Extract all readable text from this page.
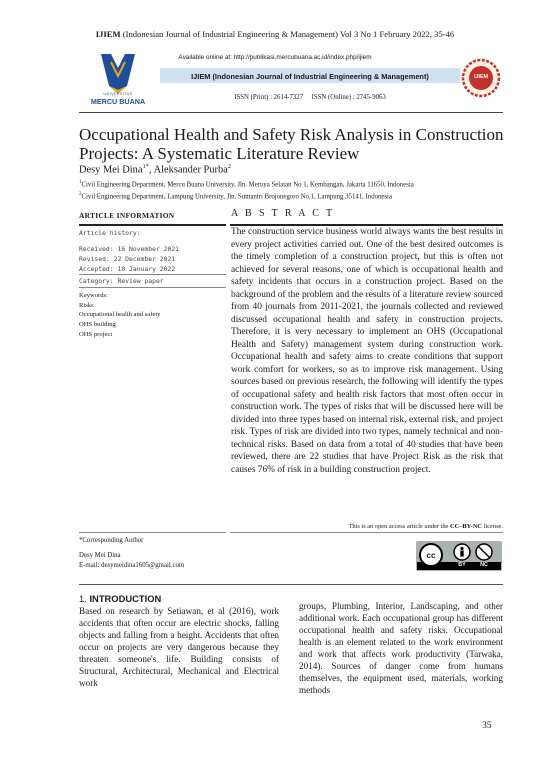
IJIEM (Indonesian Journal of Industrial Engineering & Management) Vol 3 No 1 February 2022, 35-46
UNIVERSITAS
MERCU BUANA
Available online at: http://publikasi.mercubuana.ac.id/index.php/ijiem
IJIEM (Indonesian Journal of Industrial Engineering & Management)
ISSN (Print) : 2614-7327     ISSN (Online) : 2745-9063
IJIEM
Occupational Health and Safety Risk Analysis in Construction Projects: A Systematic Literature Review
Desy Mei Dina$^{1*}$, Aleksander Purba$^2$
$^1$Civil Engineering Department, Mercu Buana University, Jln. Meruya Selatan No 1, Kembangan, Jakarta 11650, Indonesia
$^2$Civil Engineering Department, Lampung University, Jln. Sumantri Brojonegoro No.1, Lampung 35141, Indonesia
ARTICLE INFORMATION	A B S T R A C T
Article history:
Received: 16 November 2021
Revised: 22 December 2021
Accepted: 10 January 2022
Category: Review paper
Keywords:
Risks
Occupational health and safety
OHS building
OHS project
The construction service business world always wants the best results in every project activities carried out. One of the best desired outcomes is the timely completion of a construction project, but this is often not achieved for several reasons, one of which is occupational health and safety incidents that occurs in a construction project. Based on the background of the problem and the results of a literature review sourced from 40 journals from 2011-2021, the journals collected and reviewed discussed occupational health and safety in construction projects. Therefore, it is very necessary to implement an OHS (Occupational Health and Safety) management system during construction work. Occupational health and safety aims to create conditions that support work comfort for workers, so as to improve risk management. Using sources based on previous research, the following will identify the types of occupational safety and health risk factors that most often occur in construction work. The types of risks that will be discussed here will be divided into three types based on internal risk, external risk, and project risk. Types of risk are divided into two types, namely technical and non-technical risks. Based on data from a total of 40 studies that have been reviewed, there are 22 studies that have Project Risk as the risk that causes 76% of risk in a building construction project.
*Corresponding Author
Desy Mei Dina
E-mail: desymeidina1605@gmail.com
This is an open access article under the CC–BY-NC license.
cc
BY	NC
1. INTRODUCTION
Based on research by Setiawan, et al (2016), work accidents that often occur are electric shocks, falling objects and falling from a height. Accidents that often occur on projects are very dangerous because they threaten someone's life. Building consists of Structural, Architectural, Mechanical and Electrical work
groups, Plumbing, Interior, Landscaping, and other additional work. Each occupational group has different occupational health and safety risks. Occupational health is an element related to the work environment and work that affects work productivity (Tarwaka, 2014). Sources of danger come from humans themselves, the equipment used, materials, working methods
35
